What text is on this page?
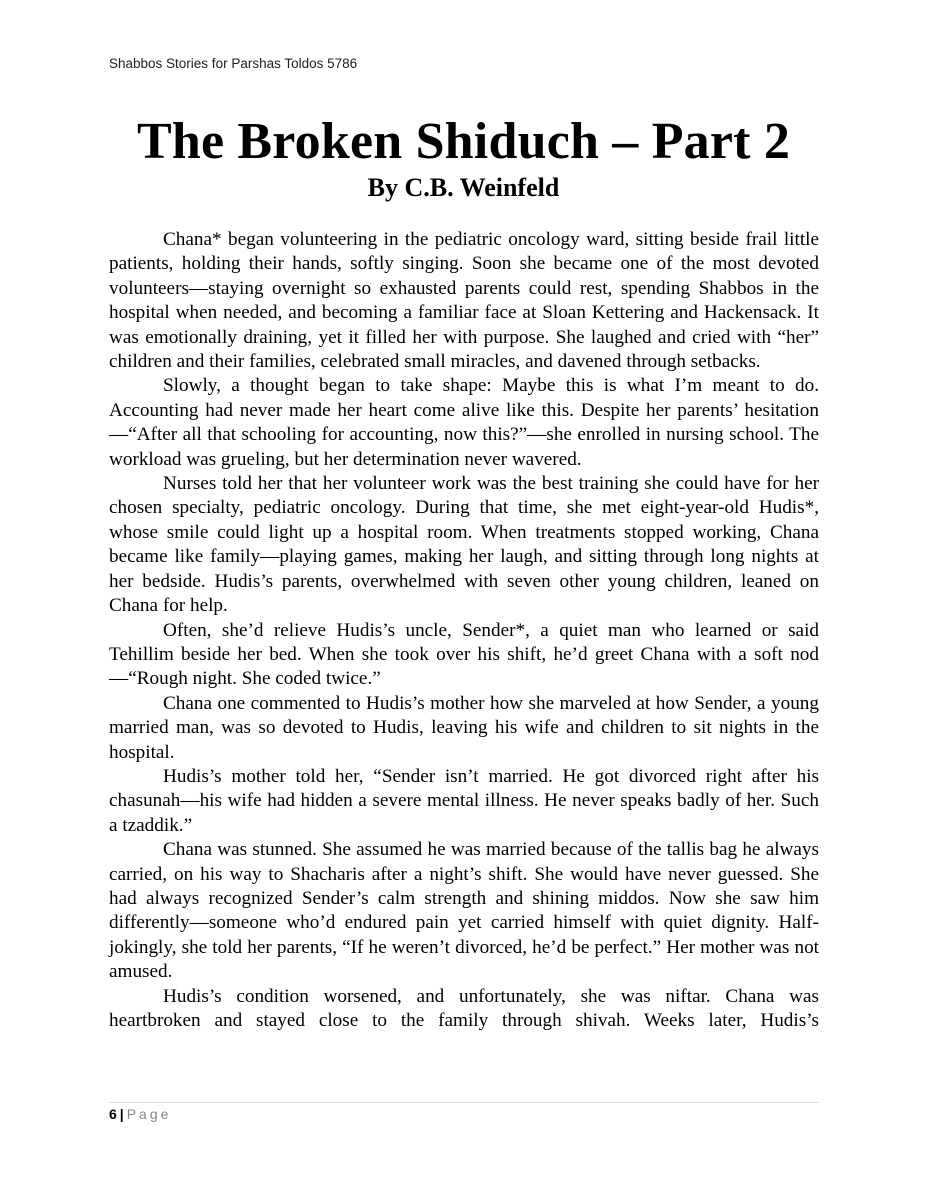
Shabbos Stories for Parshas Toldos 5786
The Broken Shiduch – Part 2
By C.B. Weinfeld

Chana* began volunteering in the pediatric oncology ward, sitting beside frail little patients, holding their hands, softly singing. Soon she became one of the most devoted volunteers—staying overnight so exhausted parents could rest, spending Shabbos in the hospital when needed, and becoming a familiar face at Sloan Kettering and Hackensack. It was emotionally draining, yet it filled her with purpose. She laughed and cried with “her” children and their families, celebrated small miracles, and davened through setbacks.

Slowly, a thought began to take shape: Maybe this is what I’m meant to do. Accounting had never made her heart come alive like this. Despite her parents’ hesitation—“After all that schooling for accounting, now this?”—she enrolled in nursing school. The workload was grueling, but her determination never wavered.

Nurses told her that her volunteer work was the best training she could have for her chosen specialty, pediatric oncology. During that time, she met eight-year-old Hudis*, whose smile could light up a hospital room. When treatments stopped working, Chana became like family—playing games, making her laugh, and sitting through long nights at her bedside. Hudis’s parents, overwhelmed with seven other young children, leaned on Chana for help.

Often, she’d relieve Hudis’s uncle, Sender*, a quiet man who learned or said Tehillim beside her bed. When she took over his shift, he’d greet Chana with a soft nod—“Rough night. She coded twice.”

Chana one commented to Hudis’s mother how she marveled at how Sender, a young married man, was so devoted to Hudis, leaving his wife and children to sit nights in the hospital.

Hudis’s mother told her, “Sender isn’t married. He got divorced right after his chasunah—his wife had hidden a severe mental illness. He never speaks badly of her. Such a tzaddik.”

Chana was stunned. She assumed he was married because of the tallis bag he always carried, on his way to Shacharis after a night’s shift. She would have never guessed. She had always recognized Sender’s calm strength and shining middos. Now she saw him differently—someone who’d endured pain yet carried himself with quiet dignity. Half-jokingly, she told her parents, “If he weren’t divorced, he’d be perfect.” Her mother was not amused.

Hudis’s condition worsened, and unfortunately, she was niftar. Chana was heartbroken and stayed close to the family through shivah. Weeks later, Hudis’s

6 | Page
